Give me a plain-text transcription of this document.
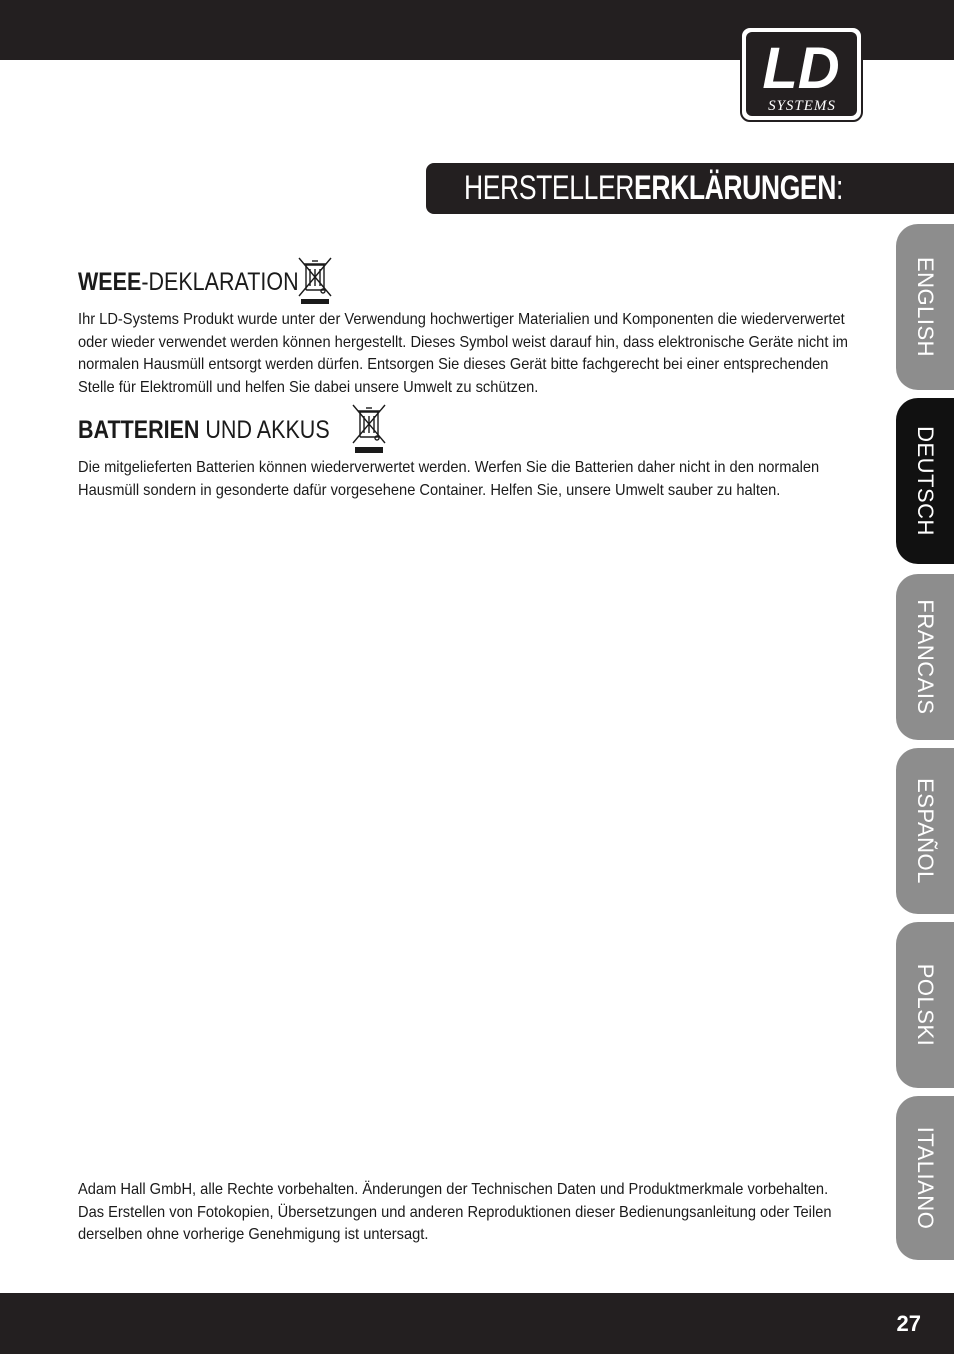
LD
SYSTEMS
HERSTELLERERKLÄRUNGEN:
WEEE-DEKLARATION
Ihr LD-Systems Produkt wurde unter der Verwendung hochwertiger Materialien und Komponenten die wiederverwertet oder wieder verwendet werden können hergestellt. Dieses Symbol weist darauf hin, dass elektronische Geräte nicht im normalen Hausmüll entsorgt werden dürfen. Entsorgen Sie dieses Gerät bitte fachgerecht bei einer entsprechenden Stelle für Elektromüll und helfen Sie dabei unsere Umwelt zu schützen.
BATTERIEN UND AKKUS
Die mitgelieferten Batterien können wiederverwertet werden. Werfen Sie die Batterien daher nicht in den normalen Hausmüll sondern in gesonderte dafür vorgesehene Container. Helfen Sie, unsere Umwelt sauber zu halten.
Adam Hall GmbH, alle Rechte vorbehalten. Änderungen der Technischen Daten und Produktmerkmale vorbehalten. Das Erstellen von Fotokopien, Übersetzungen und anderen Reproduktionen dieser Bedienungsanleitung oder Teilen derselben ohne vorherige Genehmigung ist untersagt.
ENGLISH
DEUTSCH
FRANCAIS
ESPAÑOL
POLSKI
ITALIANO
27
